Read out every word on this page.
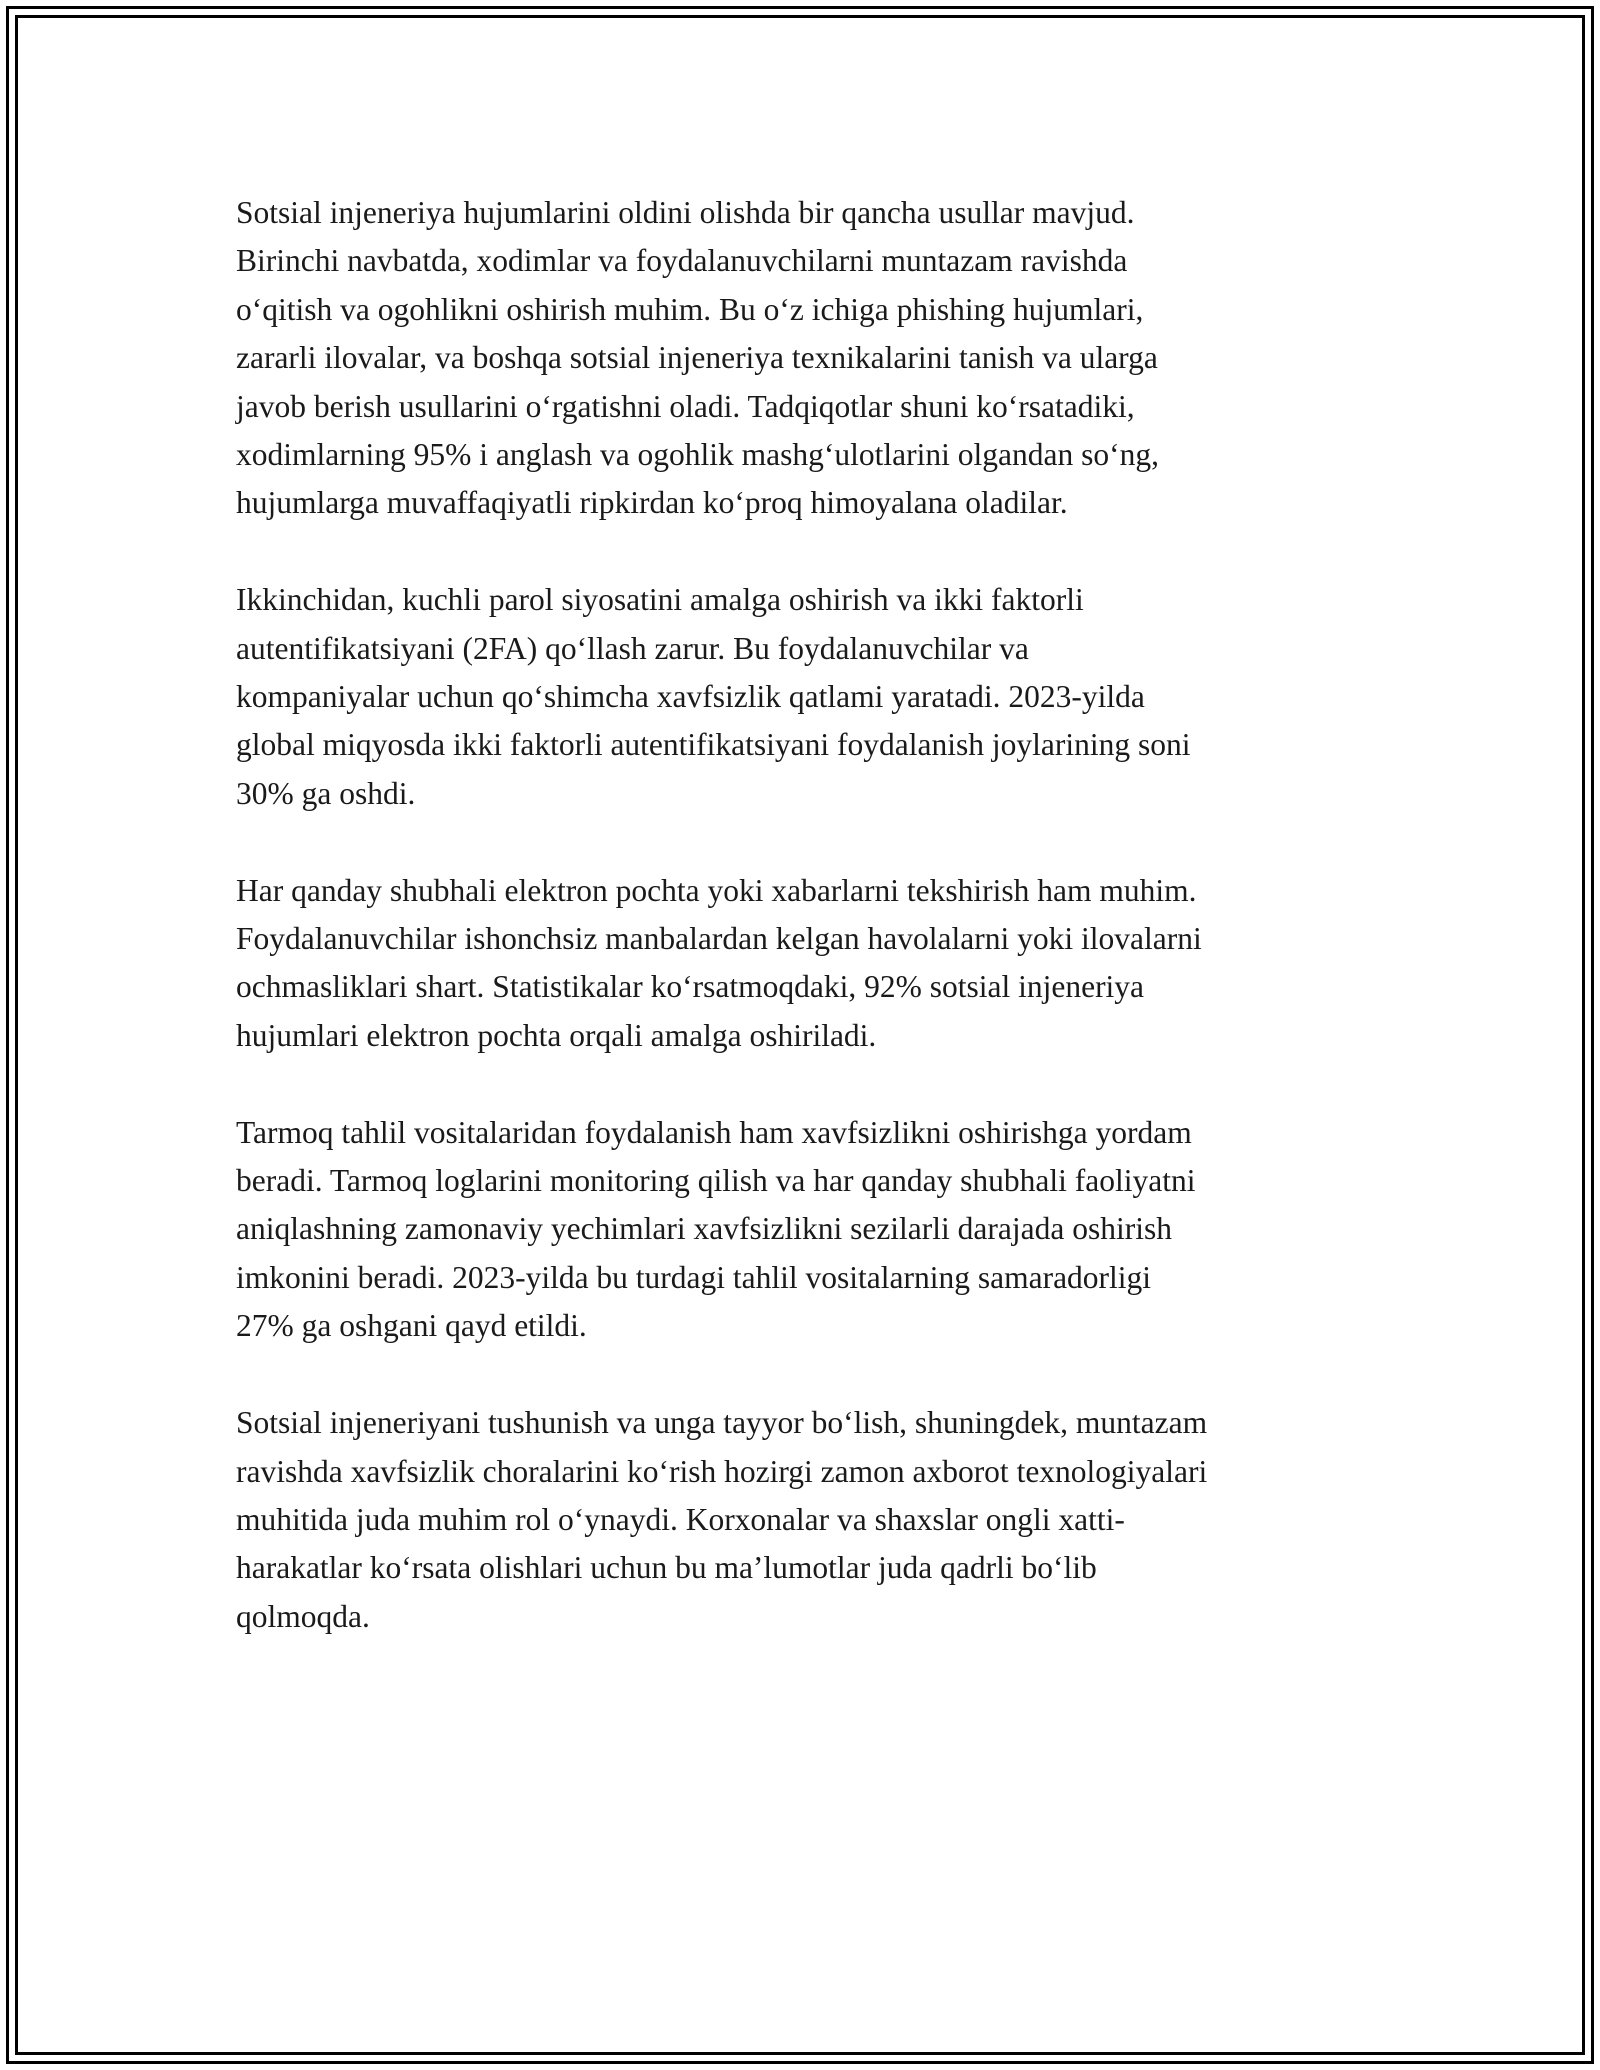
Sotsial injeneriya hujumlarini oldini olishda bir qancha usullar mavjud.
Birinchi navbatda, xodimlar va foydalanuvchilarni muntazam ravishda
o‘qitish va ogohlikni oshirish muhim. Bu o‘z ichiga phishing hujumlari,
zararli ilovalar, va boshqa sotsial injeneriya texnikalarini tanish va ularga
javob berish usullarini o‘rgatishni oladi. Tadqiqotlar shuni ko‘rsatadiki,
xodimlarning 95% i anglash va ogohlik mashg‘ulotlarini olgandan so‘ng,
hujumlarga muvaffaqiyatli ripkirdan ko‘proq himoyalana oladilar.

Ikkinchidan, kuchli parol siyosatini amalga oshirish va ikki faktorli
autentifikatsiyani (2FA) qo‘llash zarur. Bu foydalanuvchilar va
kompaniyalar uchun qo‘shimcha xavfsizlik qatlami yaratadi. 2023-yilda
global miqyosda ikki faktorli autentifikatsiyani foydalanish joylarining soni
30% ga oshdi.

Har qanday shubhali elektron pochta yoki xabarlarni tekshirish ham muhim.
Foydalanuvchilar ishonchsiz manbalardan kelgan havolalarni yoki ilovalarni
ochmasliklari shart. Statistikalar ko‘rsatmoqdaki, 92% sotsial injeneriya
hujumlari elektron pochta orqali amalga oshiriladi.

Tarmoq tahlil vositalaridan foydalanish ham xavfsizlikni oshirishga yordam
beradi. Tarmoq loglarini monitoring qilish va har qanday shubhali faoliyatni
aniqlashning zamonaviy yechimlari xavfsizlikni sezilarli darajada oshirish
imkonini beradi. 2023-yilda bu turdagi tahlil vositalarning samaradorligi
27% ga oshgani qayd etildi.

Sotsial injeneriyani tushunish va unga tayyor bo‘lish, shuningdek, muntazam
ravishda xavfsizlik choralarini ko‘rish hozirgi zamon axborot texnologiyalari
muhitida juda muhim rol o‘ynaydi. Korxonalar va shaxslar ongli xatti-
harakatlar ko‘rsata olishlari uchun bu ma’lumotlar juda qadrli bo‘lib
qolmoqda.
